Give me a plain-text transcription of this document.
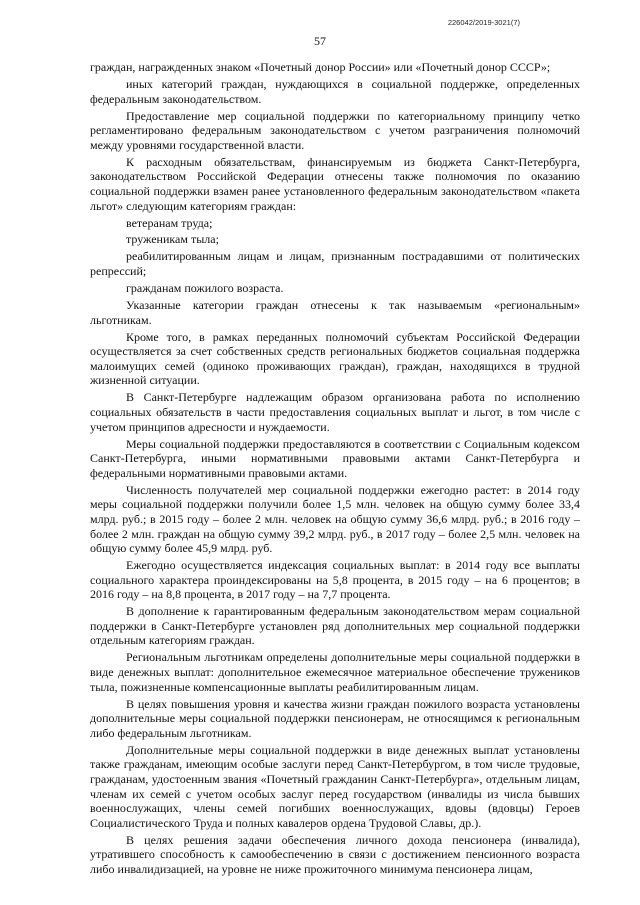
226042/2019-3021(7)
57

граждан, награжденных знаком «Почетный донор России» или «Почетный донор СССР»;

иных категорий граждан, нуждающихся в социальной поддержке, определенных федеральным законодательством.

Предоставление мер социальной поддержки по категориальному принципу четко регламентировано федеральным законодательством с учетом разграничения полномочий между уровнями государственной власти.

К расходным обязательствам, финансируемым из бюджета Санкт-Петербурга, законодательством Российской Федерации отнесены также полномочия по оказанию социальной поддержки взамен ранее установленного федеральным законодательством «пакета льгот» следующим категориям граждан:

ветеранам труда;

труженикам тыла;

реабилитированным лицам и лицам, признанным пострадавшими от политических репрессий;

гражданам пожилого возраста.

Указанные категории граждан отнесены к так называемым «региональным» льготникам.

Кроме того, в рамках переданных полномочий субъектам Российской Федерации осуществляется за счет собственных средств региональных бюджетов социальная поддержка малоимущих семей (одиноко проживающих граждан), граждан, находящихся в трудной жизненной ситуации.

В Санкт-Петербурге надлежащим образом организована работа по исполнению социальных обязательств в части предоставления социальных выплат и льгот, в том числе с учетом принципов адресности и нуждаемости.

Меры социальной поддержки предоставляются в соответствии с Социальным кодексом Санкт-Петербурга, иными нормативными правовыми актами Санкт-Петербурга и федеральными нормативными правовыми актами.

Численность получателей мер социальной поддержки ежегодно растет: в 2014 году меры социальной поддержки получили более 1,5 млн. человек на общую сумму более 33,4 млрд. руб.; в 2015 году – более 2 млн. человек на общую сумму 36,6 млрд. руб.; в 2016 году – более 2 млн. граждан на общую сумму 39,2 млрд. руб., в 2017 году – более 2,5 млн. человек на общую сумму более 45,9 млрд. руб.

Ежегодно осуществляется индексация социальных выплат: в 2014 году все выплаты социального характера проиндексированы на 5,8 процента, в 2015 году – на 6 процентов; в 2016 году – на 8,8 процента, в 2017 году – на 7,7 процента.

В дополнение к гарантированным федеральным законодательством мерам социальной поддержки в Санкт-Петербурге установлен ряд дополнительных мер социальной поддержки отдельным категориям граждан.

Региональным льготникам определены дополнительные меры социальной поддержки в виде денежных выплат: дополнительное ежемесячное материальное обеспечение тружеников тыла, пожизненные компенсационные выплаты реабилитированным лицам.

В целях повышения уровня и качества жизни граждан пожилого возраста установлены дополнительные меры социальной поддержки пенсионерам, не относящимся к региональным либо федеральным льготникам.

Дополнительные меры социальной поддержки в виде денежных выплат установлены также гражданам, имеющим особые заслуги перед Санкт-Петербургом, в том числе трудовые, гражданам, удостоенным звания «Почетный гражданин Санкт-Петербурга», отдельным лицам, членам их семей с учетом особых заслуг перед государством (инвалиды из числа бывших военнослужащих, члены семей погибших военнослужащих, вдовы (вдовцы) Героев Социалистического Труда и полных кавалеров ордена Трудовой Славы, др.).

В целях решения задачи обеспечения личного дохода пенсионера (инвалида), утратившего способность к самообеспечению в связи с достижением пенсионного возраста либо инвалидизацией, на уровне не ниже прожиточного минимума пенсионера лицам,
